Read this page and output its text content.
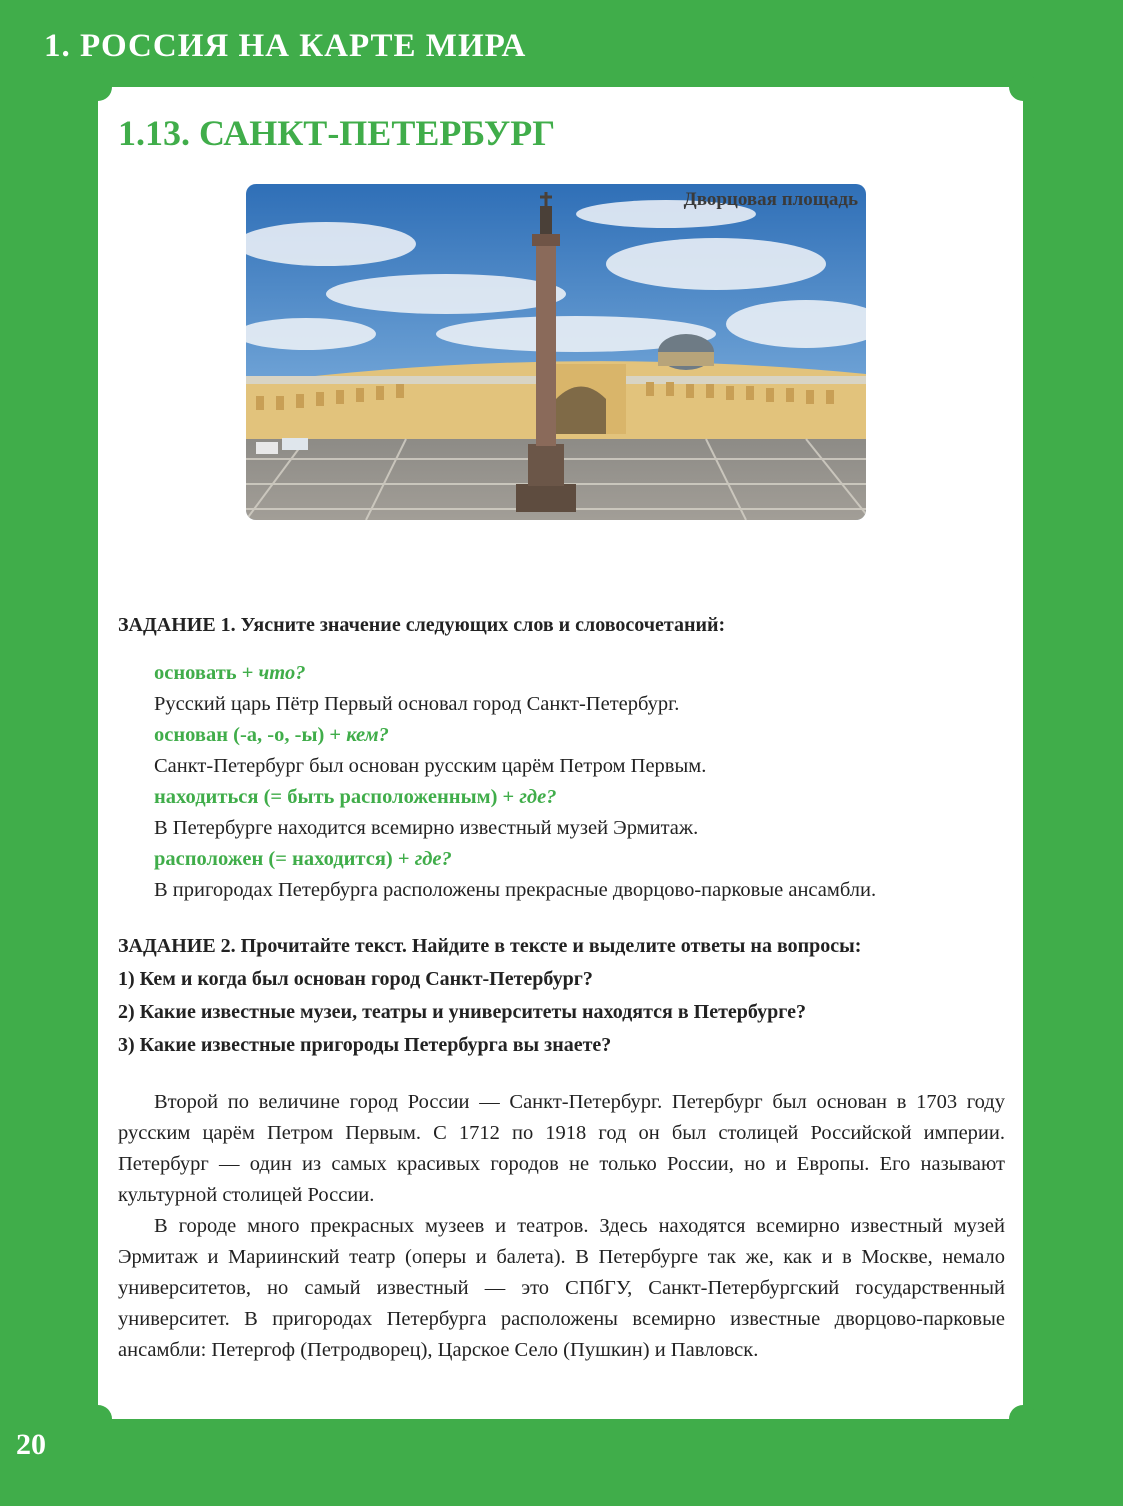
1. РОССИЯ НА КАРТЕ МИРА
1.13. САНКТ-ПЕТЕРБУРГ
Дворцовая площадь
ЗАДАНИЕ 1. Уясните значение следующих слов и словосочетаний:
основать + что?
Русский царь Пётр Первый основал город Санкт-Петербург.
основан (-а, -о, -ы) + кем?
Санкт-Петербург был основан русским царём Петром Первым.
находиться (= быть расположенным) + где?
В Петербурге находится всемирно известный музей Эрмитаж.
расположен (= находится) + где?
В пригородах Петербурга расположены прекрасные дворцово-парковые ансамбли.
ЗАДАНИЕ 2. Прочитайте текст. Найдите в тексте и выделите ответы на вопросы:
1) Кем и когда был основан город Санкт-Петербург?
2) Какие известные музеи, театры и университеты находятся в Петербурге?
3) Какие известные пригороды Петербурга вы знаете?

Второй по величине город России — Санкт-Петербург. Петербург был основан в 1703 году русским царём Петром Первым. С 1712 по 1918 год он был столицей Российской империи. Петербург — один из самых красивых городов не только России, но и Европы. Его называют культурной столицей России.

В городе много прекрасных музеев и театров. Здесь находятся всемирно известный музей Эрмитаж и Мариинский театр (оперы и балета). В Петербурге так же, как и в Москве, немало университетов, но самый известный — это СПбГУ, Санкт-Петербургский государственный университет. В пригородах Петербурга расположены всемирно известные дворцово-парковые ансамбли: Петергоф (Петродворец), Царское Село (Пушкин) и Павловск.

20
